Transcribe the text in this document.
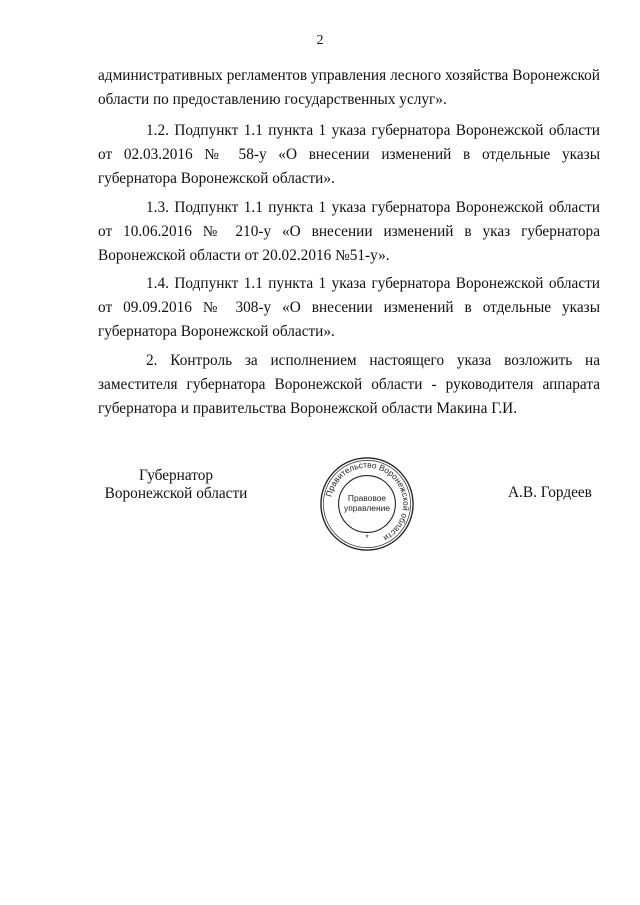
2

административных регламентов управления лесного хозяйства Воронежской области по предоставлению государственных услуг».

1.2. Подпункт 1.1 пункта 1 указа губернатора Воронежской области от 02.03.2016 № 58-у «О внесении изменений в отдельные указы губернатора Воронежской области».

1.3. Подпункт 1.1 пункта 1 указа губернатора Воронежской области от 10.06.2016 № 210-у «О внесении изменений в указ губернатора Воронежской области от 20.02.2016 №51-у».

1.4. Подпункт 1.1 пункта 1 указа губернатора Воронежской области от 09.09.2016 № 308-у «О внесении изменений в отдельные указы губернатора Воронежской области».

2. Контроль за исполнением настоящего указа возложить на заместителя губернатора Воронежской области - руководителя аппарата губернатора и правительства Воронежской области Макина Г.И.

Губернатор
Воронежской области	Правительство Воронежской области
Правовое
управление
*
А.В. Гордеев
